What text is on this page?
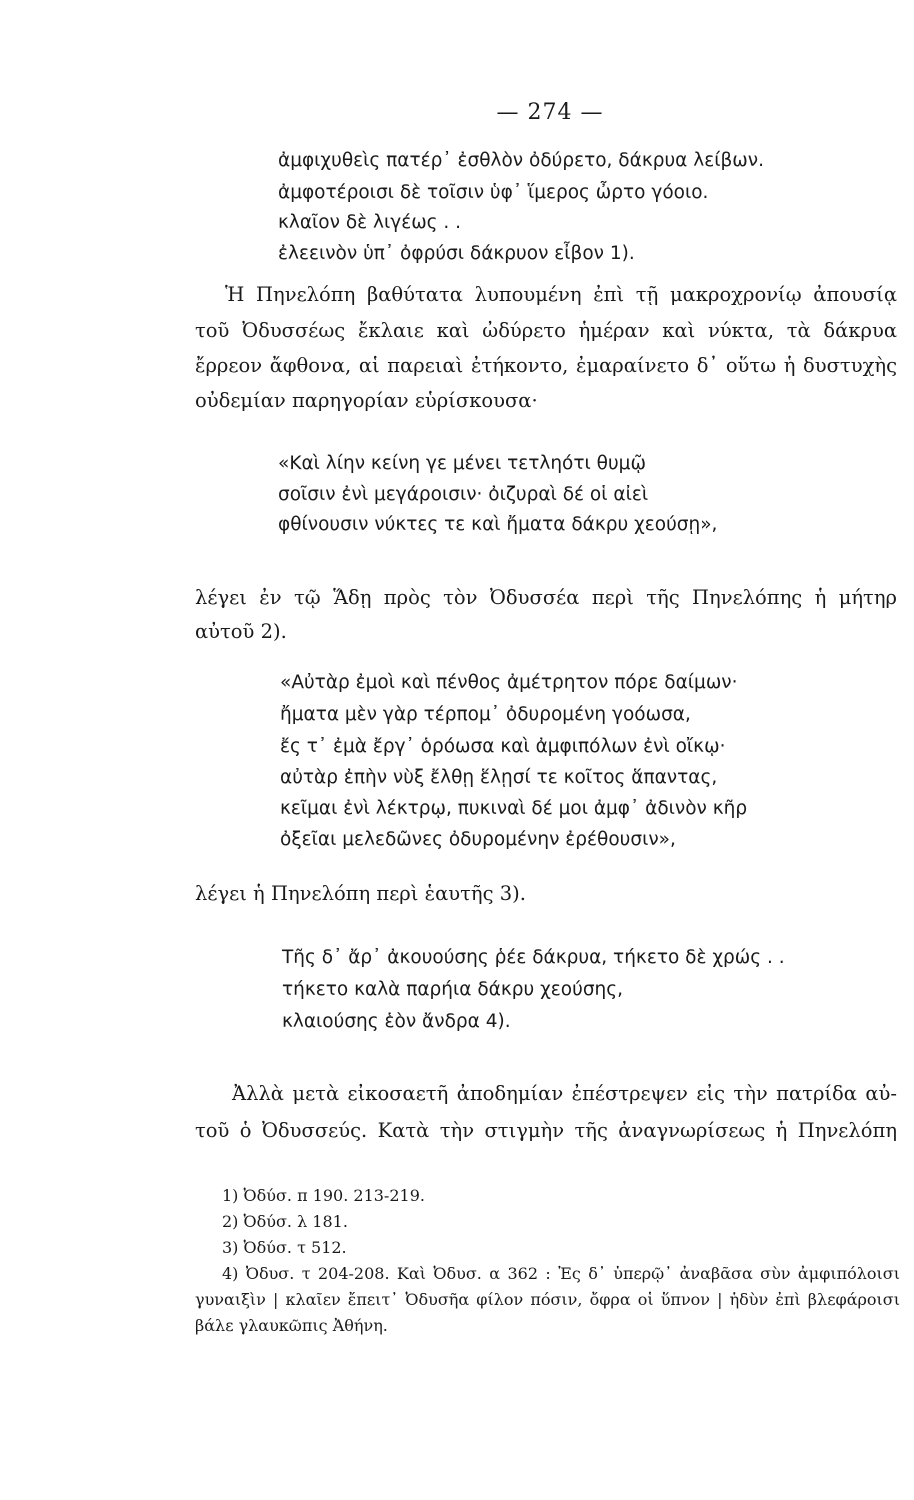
— 274 —
ἀμφιχυθεὶς πατέρ᾽ ἐσθλὸν ὀδύρετο, δάκρυα λείβων.
ἀμφοτέροισι δὲ τοῖσιν ὑφ᾽ ἵμερος ὦρτο γόοιο.
κλαῖον δὲ λιγέως . .
ἐλεεινὸν ὑπ᾽ ὀφρύσι δάκρυον εἶβον 1).
Ἡ Πηνελόπη βαθύτατα λυπουμένη ἐπὶ τῇ μακροχρονίῳ ἀπουσίᾳ
τοῦ Ὀδυσσέως ἔκλαιε καὶ ὠδύρετο ἡμέραν καὶ νύκτα, τὰ δάκρυα
ἔρρεον ἄφθονα, αἱ παρειαὶ ἐτήκοντο, ἐμαραίνετο δ᾽ οὕτω ἡ δυστυχὴς
οὐδεμίαν παρηγορίαν εὑρίσκουσα·
«Καὶ λίην κείνη γε μένει τετληότι θυμῷ
σοῖσιν ἐνὶ μεγάροισιν· ὀιζυραὶ δέ οἱ αἰεὶ
φθίνουσιν νύκτες τε καὶ ἤματα δάκρυ χεούσῃ»,
λέγει ἐν τῷ Ἅδῃ πρὸς τὸν Ὀδυσσέα περὶ τῆς Πηνελόπης ἡ μήτηρ
αὐτοῦ 2).
«Αὐτὰρ ἐμοὶ καὶ πένθος ἀμέτρητον πόρε δαίμων·
ἤματα μὲν γὰρ τέρπομ᾽ ὀδυρομένη γοόωσα,
ἔς τ᾽ ἐμὰ ἔργ᾽ ὁρόωσα καὶ ἀμφιπόλων ἐνὶ οἴκῳ·
αὐτὰρ ἐπὴν νὺξ ἔλθῃ ἕλῃσί τε κοῖτος ἅπαντας,
κεῖμαι ἐνὶ λέκτρῳ, πυκιναὶ δέ μοι ἀμφ᾽ ἀδινὸν κῆρ
ὀξεῖαι μελεδῶνες ὀδυρομένην ἐρέθουσιν»,
λέγει ἡ Πηνελόπη περὶ ἑαυτῆς 3).
Τῆς δ᾽ ἄρ᾽ ἀκουούσης ῥέε δάκρυα, τήκετο δὲ χρώς . .
τήκετο καλὰ παρήια δάκρυ χεούσης,
κλαιούσης ἑὸν ἄνδρα 4).
Ἀλλὰ μετὰ εἰκοσαετῆ ἀποδημίαν ἐπέστρεψεν εἰς τὴν πατρίδα αὐ-
τοῦ ὁ Ὀδυσσεύς. Κατὰ τὴν στιγμὴν τῆς ἀναγνωρίσεως ἡ Πηνελόπη
1) Ὀδύσ. π 190. 213-219.
2) Ὀδύσ. λ 181.
3) Ὀδύσ. τ 512.
4) Ὀδυσ. τ 204-208. Καὶ Ὀδυσ. α 362 : Ἐς δ᾽ ὑπερῷ᾽ ἀναβᾶσα σὺν ἀμφιπόλοισι
γυναιξὶν | κλαῖεν ἔπειτ᾽ Ὀδυσῆα φίλον πόσιν, ὄφρα οἱ ὕπνον | ἡδὺν ἐπὶ βλεφάροισι
βάλε γλαυκῶπις Ἀθήνη.
